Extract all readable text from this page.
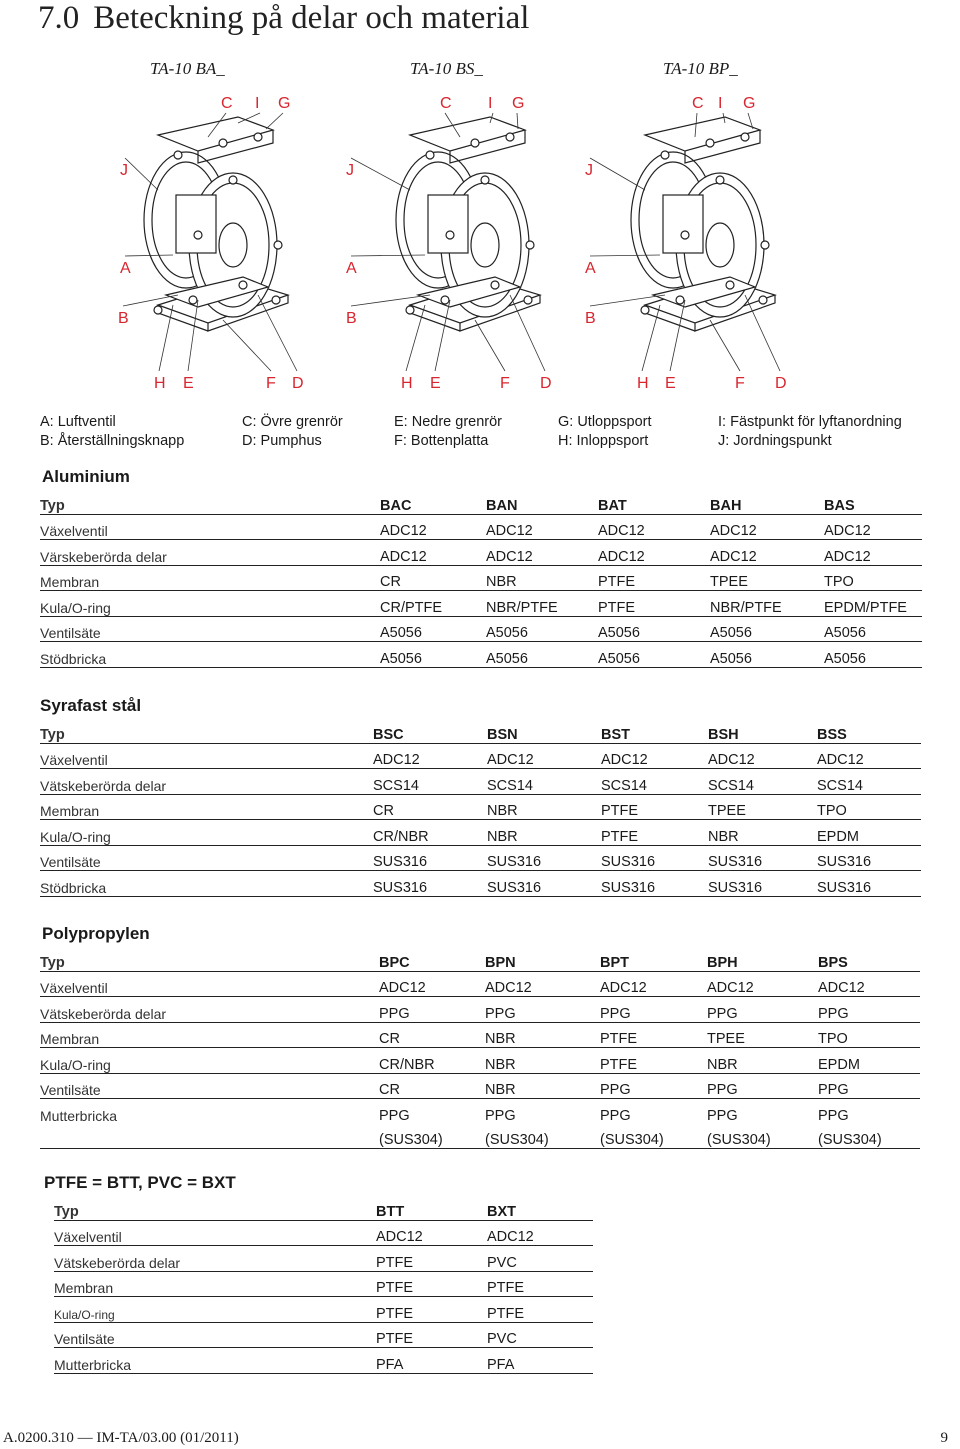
7.0 Beteckning på delar och material
TA-10 BA_
C I G
J
A
B
H E	F D
TA-10 BS_
C I G
J
A
B
H E	F D
TA-10 BP_
C I G
J
A
B
H E	F D
A: Luftventil
B: Återställningsknapp
C: Övre grenrör
D: Pumphus
E: Nedre grenrör
F: Bottenplatta
G: Utloppsport
H: Inloppsport
I: Fästpunkt för lyftanordning
J: Jordningspunkt
Aluminium
Typ	BAC	BAN	BAT	BAH	BAS
Växelventil	ADC12	ADC12	ADC12	ADC12	ADC12
Värskeberörda delar	ADC12	ADC12	ADC12	ADC12	ADC12
Membran	CR	NBR	PTFE	TPEE	TPO
Kula/O-ring	CR/PTFE	NBR/PTFE	PTFE	NBR/PTFE	EPDM/PTFE
Ventilsäte	A5056	A5056	A5056	A5056	A5056
Stödbricka	A5056	A5056	A5056	A5056	A5056
Syrafast stål
Typ	BSC	BSN	BST	BSH	BSS
Växelventil	ADC12	ADC12	ADC12	ADC12	ADC12
Vätskeberörda delar	SCS14	SCS14	SCS14	SCS14	SCS14
Membran	CR	NBR	PTFE	TPEE	TPO
Kula/O-ring	CR/NBR	NBR	PTFE	NBR	EPDM
Ventilsäte	SUS316	SUS316	SUS316	SUS316	SUS316
Stödbricka	SUS316	SUS316	SUS316	SUS316	SUS316
Polypropylen
Typ	BPC	BPN	BPT	BPH	BPS
Växelventil	ADC12	ADC12	ADC12	ADC12	ADC12
Vätskeberörda delar	PPG	PPG	PPG	PPG	PPG
Membran	CR	NBR	PTFE	TPEE	TPO
Kula/O-ring	CR/NBR	NBR	PTFE	NBR	EPDM
Ventilsäte	CR	NBR	PPG	PPG	PPG
Mutterbricka	PPG	PPG	PPG	PPG	PPG
	(SUS304)	(SUS304)	(SUS304)	(SUS304)	(SUS304)
PTFE = BTT, PVC = BXT
Typ	BTT	BXT
Växelventil	ADC12	ADC12
Vätskeberörda delar	PTFE	PVC
Membran	PTFE	PTFE
Kula/O-ring	PTFE	PTFE
Ventilsäte	PTFE	PVC
Mutterbricka	PFA	PFA
A.0200.310 — IM-TA/03.00 (01/2011)	9
